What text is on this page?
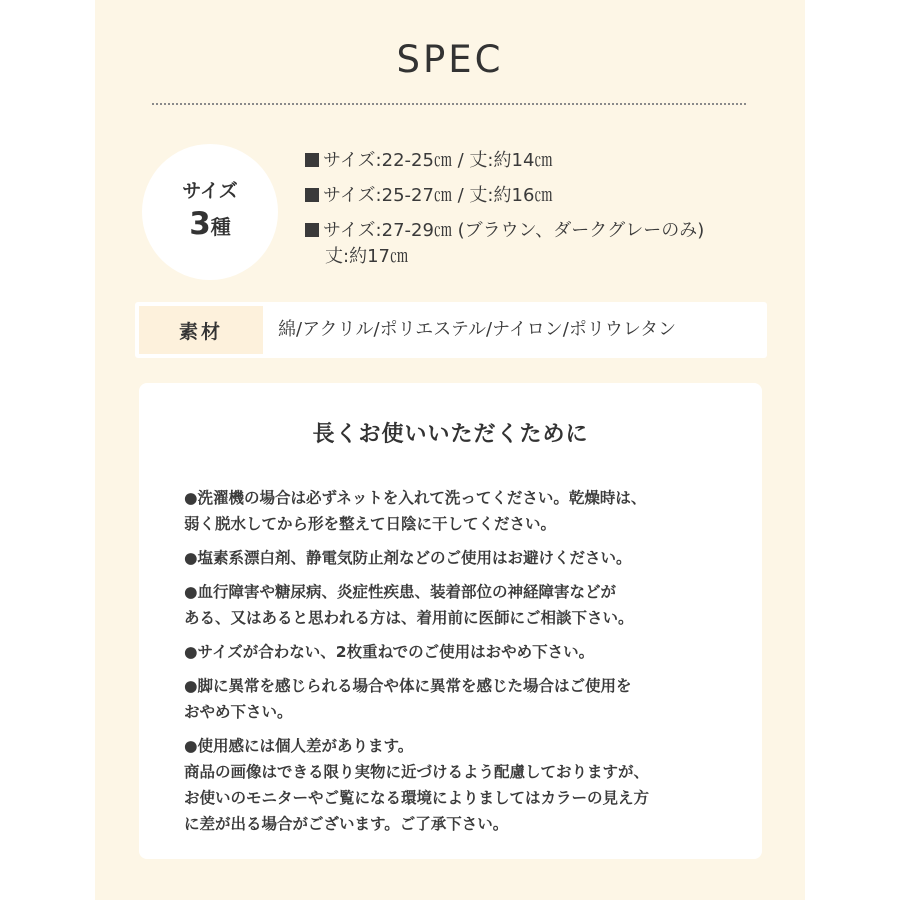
SPEC
サイズ
3種
サイズ:22-25㎝ / 丈:約14㎝
サイズ:25-27㎝ / 丈:約16㎝
サイズ:27-29㎝ (ブラウン、ダークグレーのみ)
丈:約17㎝
素材	綿/アクリル/ポリエステル/ナイロン/ポリウレタン
長くお使いいただくために
●洗濯機の場合は必ずネットを入れて洗ってください。乾燥時は、
弱く脱水してから形を整えて日陰に干してください。
●塩素系漂白剤、静電気防止剤などのご使用はお避けください。
●血行障害や糖尿病、炎症性疾患、装着部位の神経障害などが
ある、又はあると思われる方は、着用前に医師にご相談下さい。
●サイズが合わない、2枚重ねでのご使用はおやめ下さい。
●脚に異常を感じられる場合や体に異常を感じた場合はご使用を
おやめ下さい。
●使用感には個人差があります。
商品の画像はできる限り実物に近づけるよう配慮しておりますが、
お使いのモニターやご覧になる環境によりましてはカラーの見え方
に差が出る場合がございます。ご了承下さい。
